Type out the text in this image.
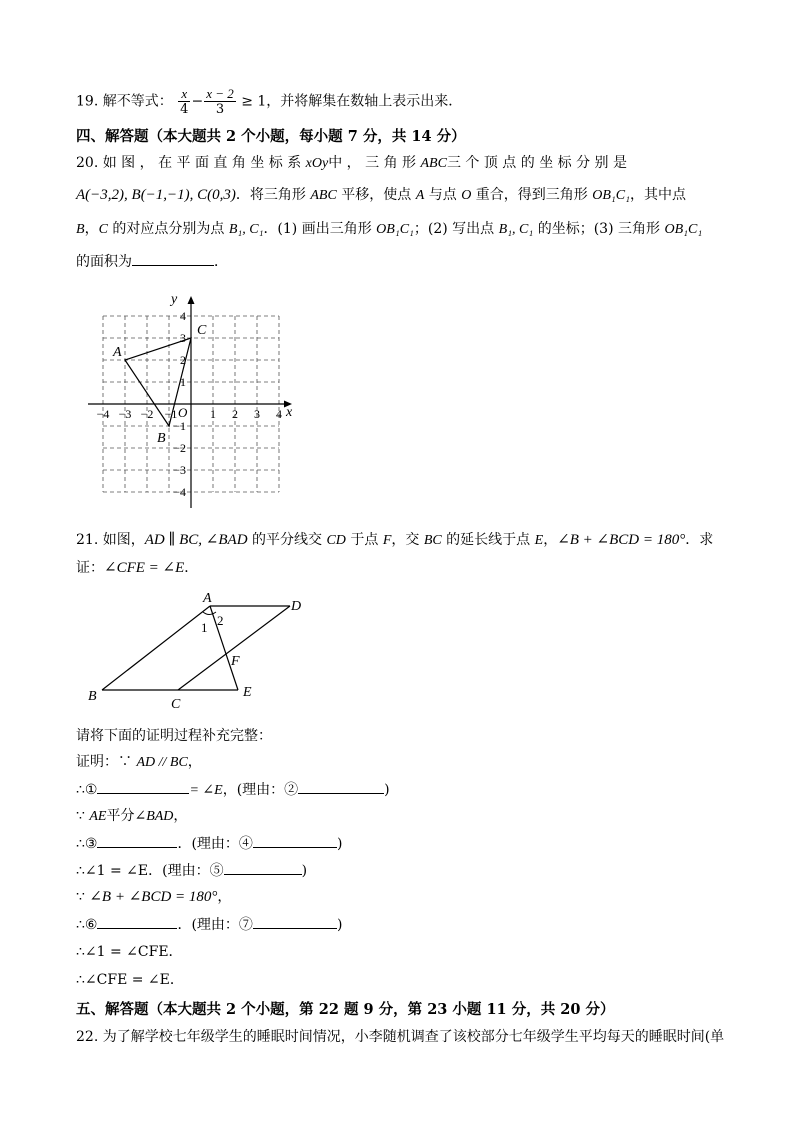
19. 解不等式： $\frac{x}{4} - \frac{x - 2}{3} \ge 1$，并将解集在数轴上表示出来．
四、解答题（本大题共 2 个小题，每小题 7 分，共 14 分）
20. 如 图 ， 在 平 面 直 角 坐 标 系 xOy中 ， 三 角 形 ABC三 个 顶 点 的 坐 标 分 别 是
A(−3,2), B(−1,−1), C(0,3)．将三角形 ABC 平移，使点 A 与点 O 重合，得到三角形 OB₁C₁，其中点
B，C 的对应点分别为点 B₁, C₁．(1) 画出三角形 OB₁C₁；(2) 写出点 B₁, C₁ 的坐标；(3) 三角形 OB₁C₁
的面积为	．
x
y
O
−4 −3 −2 −1	1 2 3 4
4
3
2
1
−1
−2
−3
−4
A
B
C
21. 如图，AD ∥ BC, ∠BAD 的平分线交 CD 于点 F，交 BC 的延长线于点 E，∠B + ∠BCD = 180°．求
证：∠CFE = ∠E．
A
D
B
C
E
F
1 2
请将下面的证明过程补充完整：
证明：∵ AD // BC，
∴①	= ∠E，(理由：②	)
∵ AE平分∠BAD，
∴③	．(理由：④	)
∴∠1 = ∠E．(理由：⑤	)
∵ ∠B + ∠BCD = 180°，
∴⑥	．(理由：⑦	)
∴∠1 = ∠CFE．
∴∠CFE = ∠E．
五、解答题（本大题共 2 个小题，第 22 题 9 分，第 23 小题 11 分，共 20 分）
22. 为了解学校七年级学生的睡眠时间情况，小李随机调查了该校部分七年级学生平均每天的睡眠时间(单
